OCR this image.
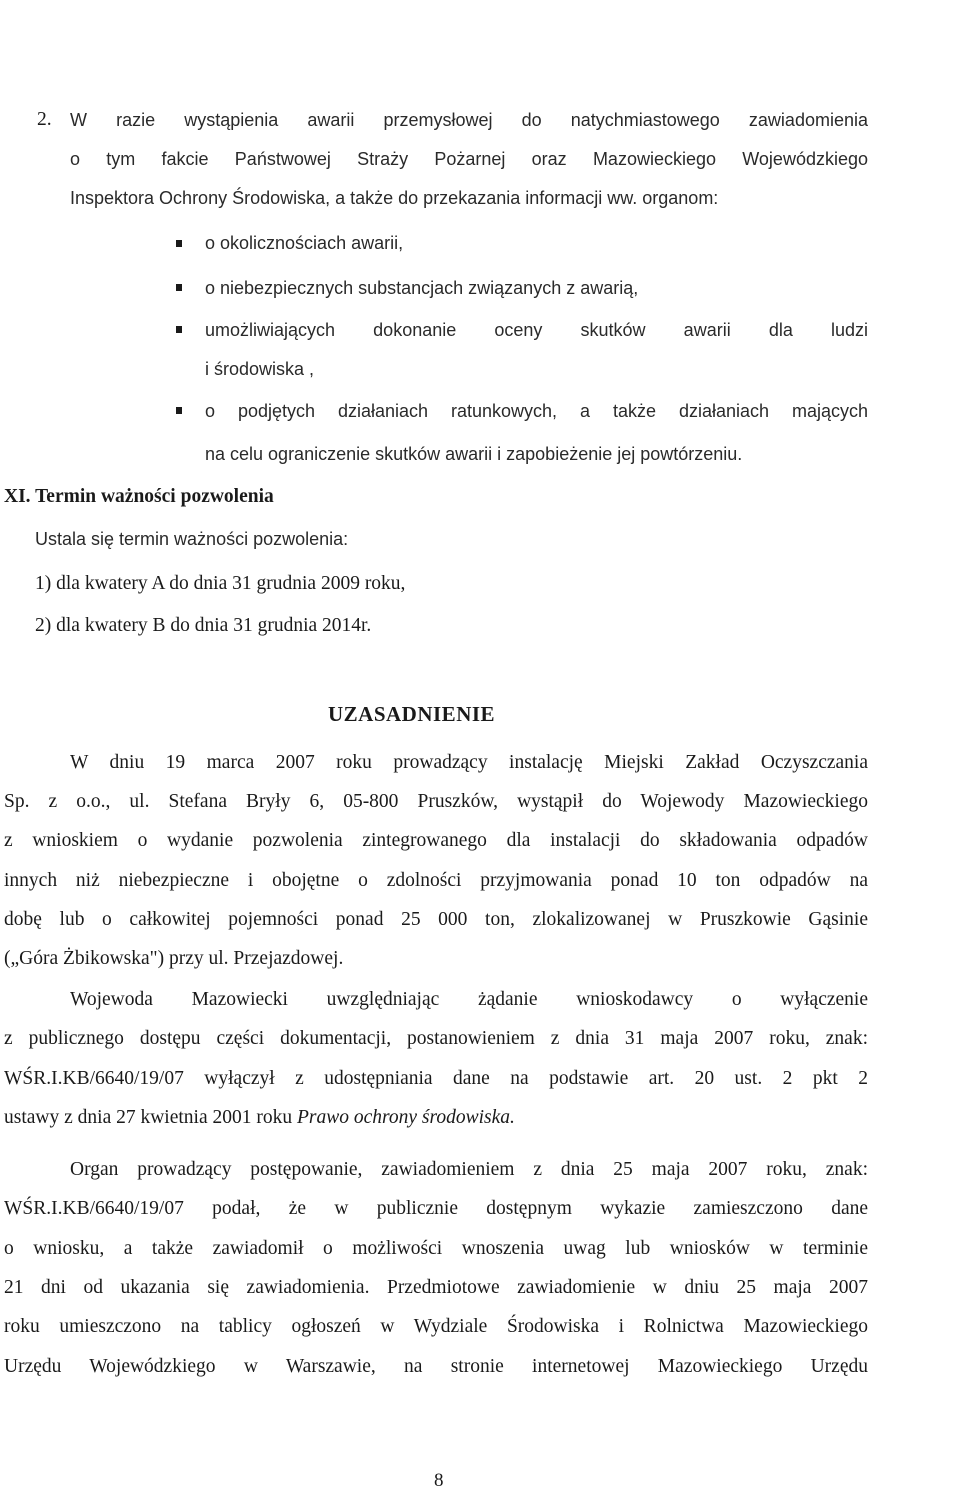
2. W razie wystąpienia awarii przemysłowej do natychmiastowego zawiadomienia
o tym fakcie Państwowej Straży Pożarnej oraz Mazowieckiego Wojewódzkiego
Inspektora Ochrony Środowiska, a także do przekazania informacji ww. organom:
o okolicznościach awarii,
o niebezpiecznych substancjach związanych z awarią,
umożliwiających dokonanie oceny skutków awarii dla ludzi
i środowiska ,
o podjętych działaniach ratunkowych, a także działaniach mających
na celu ograniczenie skutków awarii i zapobieżenie jej powtórzeniu.
XI. Termin ważności pozwolenia
Ustala się termin ważności pozwolenia:
1) dla kwatery A do dnia 31 grudnia 2009 roku,
2) dla kwatery B do dnia 31 grudnia 2014r.
UZASADNIENIE
W dniu 19 marca 2007 roku prowadzący instalację Miejski Zakład Oczyszczania
Sp. z o.o., ul. Stefana Bryły 6, 05-800 Pruszków, wystąpił do Wojewody Mazowieckiego
z wnioskiem o wydanie pozwolenia zintegrowanego dla instalacji do składowania odpadów
innych niż niebezpieczne i obojętne o zdolności przyjmowania ponad 10 ton odpadów na
dobę lub o całkowitej pojemności ponad 25 000 ton, zlokalizowanej w Pruszkowie Gąsinie
(„Góra Żbikowska") przy ul. Przejazdowej.
Wojewoda Mazowiecki uwzględniając żądanie wnioskodawcy o wyłączenie
z publicznego dostępu części dokumentacji, postanowieniem z dnia 31 maja 2007 roku, znak:
WŚR.I.KB/6640/19/07 wyłączył z udostępniania dane na podstawie art. 20 ust. 2 pkt 2
ustawy z dnia 27 kwietnia 2001 roku Prawo ochrony środowiska.
Organ prowadzący postępowanie, zawiadomieniem z dnia 25 maja 2007 roku, znak:
WŚR.I.KB/6640/19/07 podał, że w publicznie dostępnym wykazie zamieszczono dane
o wniosku, a także zawiadomił o możliwości wnoszenia uwag lub wniosków w terminie
21 dni od ukazania się zawiadomienia. Przedmiotowe zawiadomienie w dniu 25 maja 2007
roku umieszczono na tablicy ogłoszeń w Wydziale Środowiska i Rolnictwa Mazowieckiego
Urzędu Wojewódzkiego w Warszawie, na stronie internetowej Mazowieckiego Urzędu
8
